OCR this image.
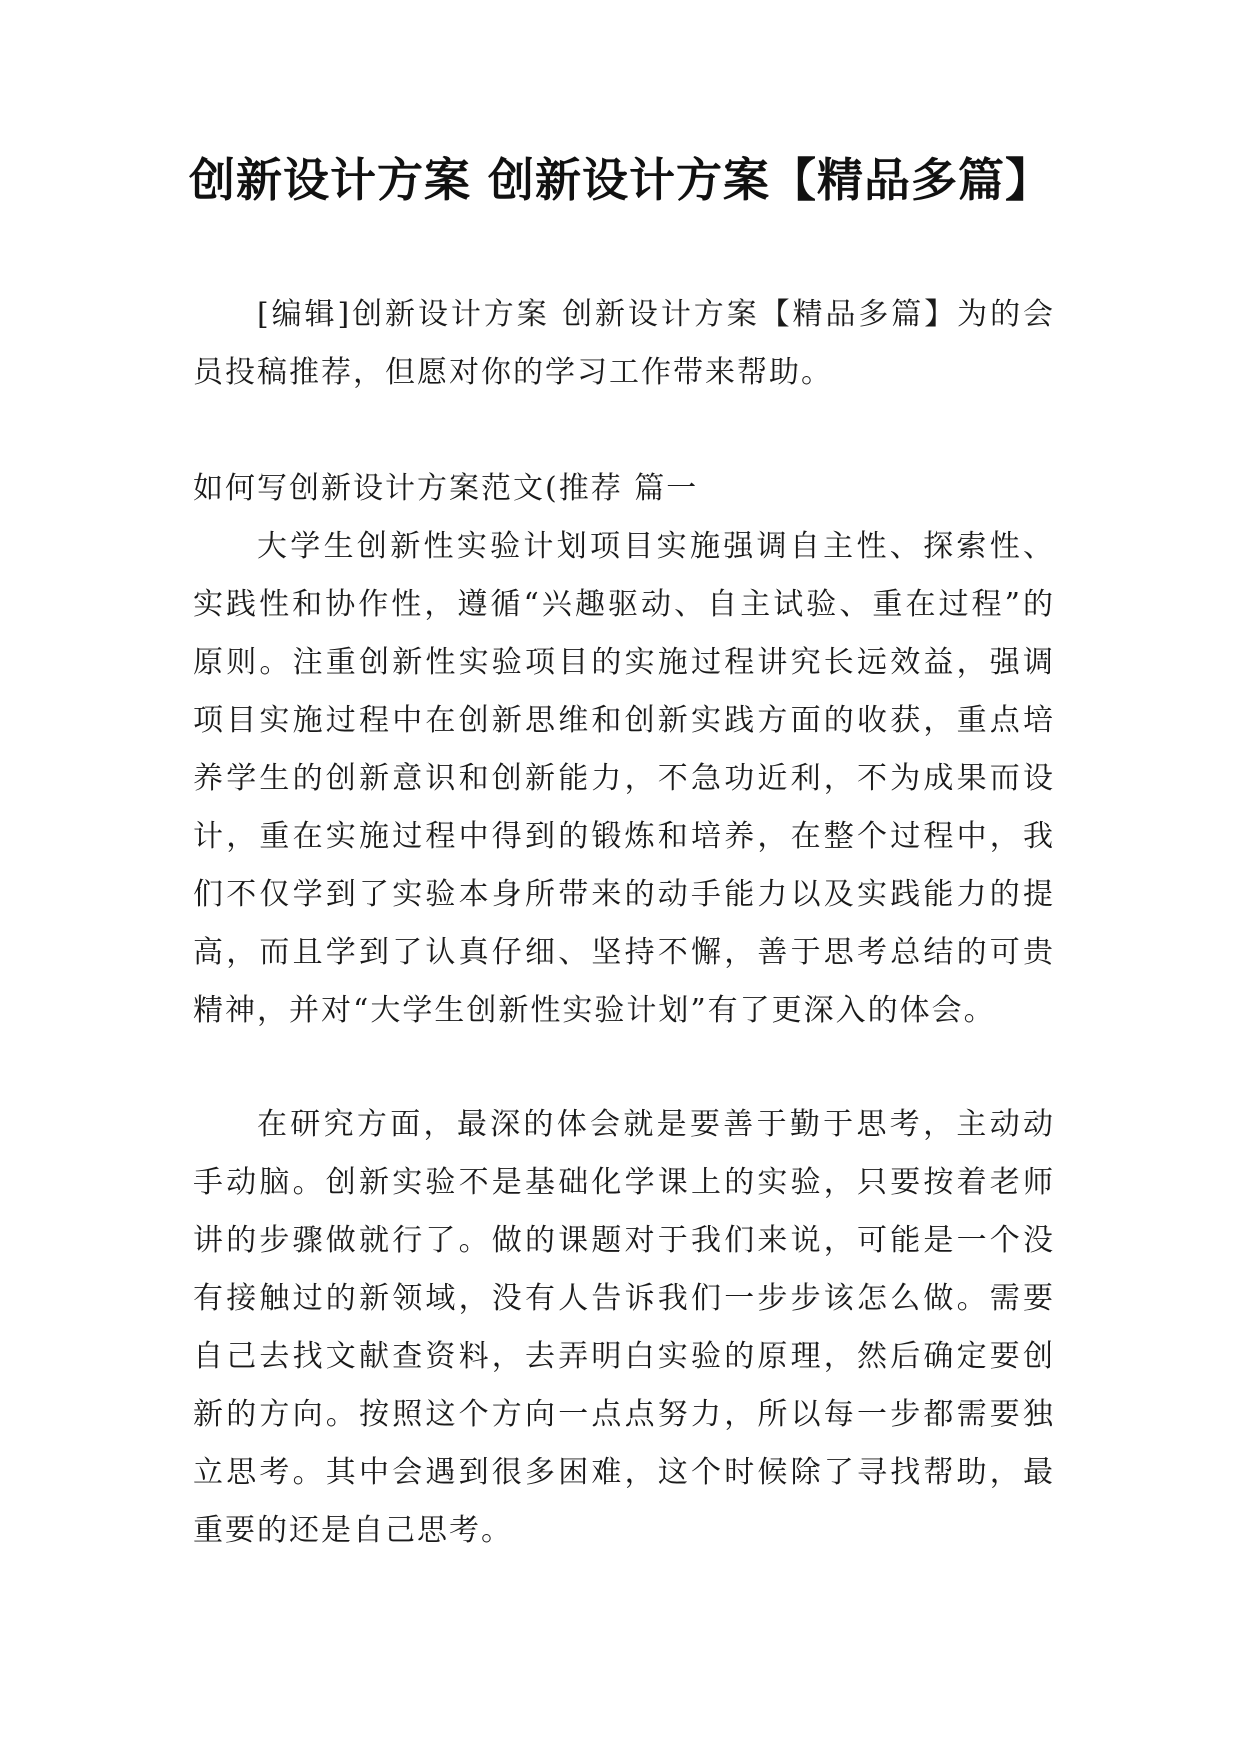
创新设计方案 创新设计方案【精品多篇】

[编辑]创新设计方案 创新设计方案【精品多篇】为的会员投稿推荐，但愿对你的学习工作带来帮助。

如何写创新设计方案范文(推荐 篇一

大学生创新性实验计划项目实施强调自主性、探索性、实践性和协作性，遵循“兴趣驱动、自主试验、重在过程”的原则。注重创新性实验项目的实施过程讲究长远效益，强调项目实施过程中在创新思维和创新实践方面的收获，重点培养学生的创新意识和创新能力，不急功近利，不为成果而设计，重在实施过程中得到的锻炼和培养，在整个过程中，我们不仅学到了实验本身所带来的动手能力以及实践能力的提高，而且学到了认真仔细、坚持不懈，善于思考总结的可贵精神，并对“大学生创新性实验计划”有了更深入的体会。

在研究方面，最深的体会就是要善于勤于思考，主动动手动脑。创新实验不是基础化学课上的实验，只要按着老师讲的步骤做就行了。做的课题对于我们来说，可能是一个没有接触过的新领域，没有人告诉我们一步步该怎么做。需要自己去找文献查资料，去弄明白实验的原理，然后确定要创新的方向。按照这个方向一点点努力，所以每一步都需要独立思考。其中会遇到很多困难，这个时候除了寻找帮助，最重要的还是自己思考。
